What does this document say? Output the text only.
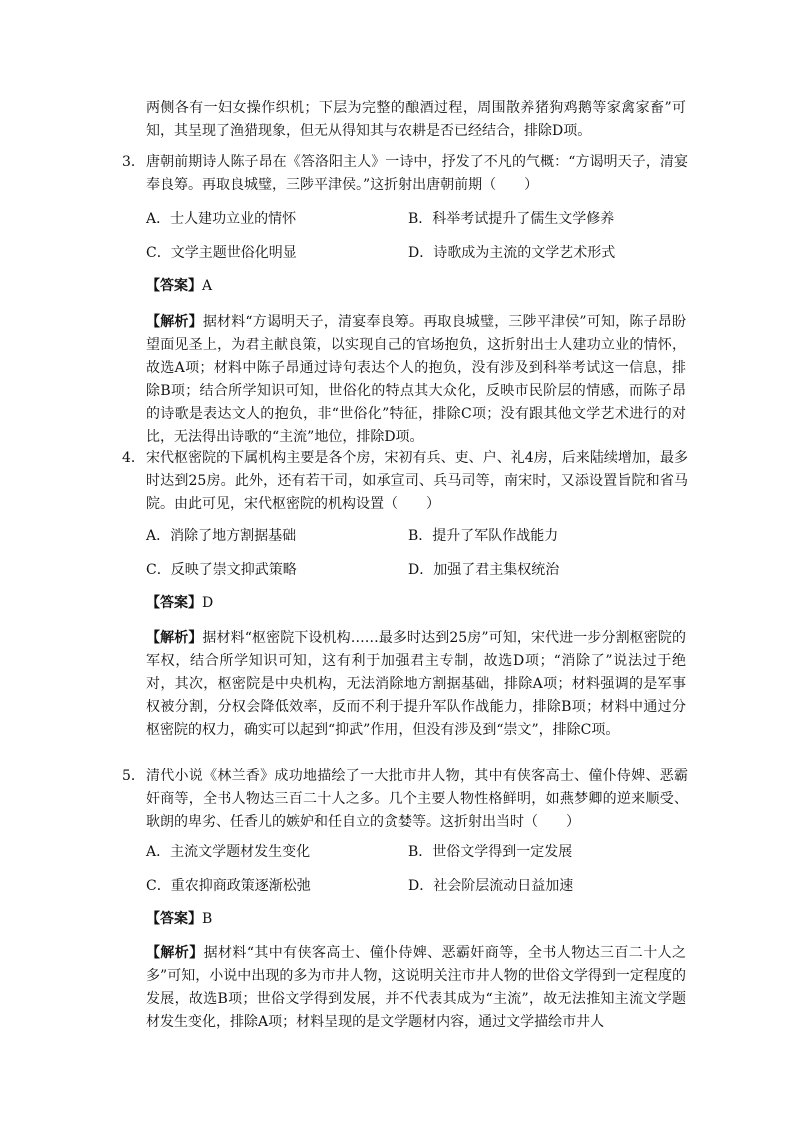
两侧各有一妇女操作织机；下层为完整的酿酒过程，周围散养猪狗鸡鹅等家禽家畜”可知，其呈现了渔猎现象，但无从得知其与农耕是否已经结合，排除D项。
3． 唐朝前期诗人陈子昂在《答洛阳主人》一诗中，抒发了不凡的气概：“方谒明天子，清宴奉良筹。再取良城璧，三陟平津侯。”这折射出唐朝前期（　　）
A．士人建功立业的情怀	B．科举考试提升了儒生文学修养
C．文学主题世俗化明显	D．诗歌成为主流的文学艺术形式
【答案】A
【解析】据材料“方谒明天子，清宴奉良筹。再取良城璧，三陟平津侯”可知，陈子昂盼望面见圣上，为君主献良策，以实现自己的官场抱负，这折射出士人建功立业的情怀，故选A项；材料中陈子昂通过诗句表达个人的抱负，没有涉及到科举考试这一信息，排除B项；结合所学知识可知，世俗化的特点其大众化，反映市民阶层的情感，而陈子昂的诗歌是表达文人的抱负，非“世俗化”特征，排除C项；没有跟其他文学艺术进行的对比，无法得出诗歌的“主流”地位，排除D项。
4． 宋代枢密院的下属机构主要是各个房，宋初有兵、吏、户、礼4房，后来陆续增加，最多时达到25房。此外，还有若干司，如承宣司、兵马司等，南宋时，又添设置旨院和省马院。由此可见，宋代枢密院的机构设置（　　）
A．消除了地方割据基础	B．提升了军队作战能力
C．反映了崇文抑武策略	D．加强了君主集权统治
【答案】D
【解析】据材料“枢密院下设机构……最多时达到25房”可知，宋代进一步分割枢密院的军权，结合所学知识可知，这有利于加强君主专制，故选D项；“消除了”说法过于绝对，其次，枢密院是中央机构，无法消除地方割据基础，排除A项；材料强调的是军事权被分割，分权会降低效率，反而不利于提升军队作战能力，排除B项；材料中通过分枢密院的权力，确实可以起到“抑武”作用，但没有涉及到“崇文”，排除C项。
5． 清代小说《林兰香》成功地描绘了一大批市井人物，其中有侠客高士、僮仆侍婢、恶霸奸商等，全书人物达三百二十人之多。几个主要人物性格鲜明，如燕梦卿的逆来顺受、耿朗的卑劣、任香儿的嫉妒和任自立的贪婪等。这折射出当时（　　）
A．主流文学题材发生变化	B．世俗文学得到一定发展
C．重农抑商政策逐渐松弛	D．社会阶层流动日益加速
【答案】B
【解析】据材料“其中有侠客高士、僮仆侍婢、恶霸奸商等，全书人物达三百二十人之多”可知，小说中出现的多为市井人物，这说明关注市井人物的世俗文学得到一定程度的发展，故选B项；世俗文学得到发展，并不代表其成为“主流”，故无法推知主流文学题材发生变化，排除A项；材料呈现的是文学题材内容，通过文学描绘市井人
